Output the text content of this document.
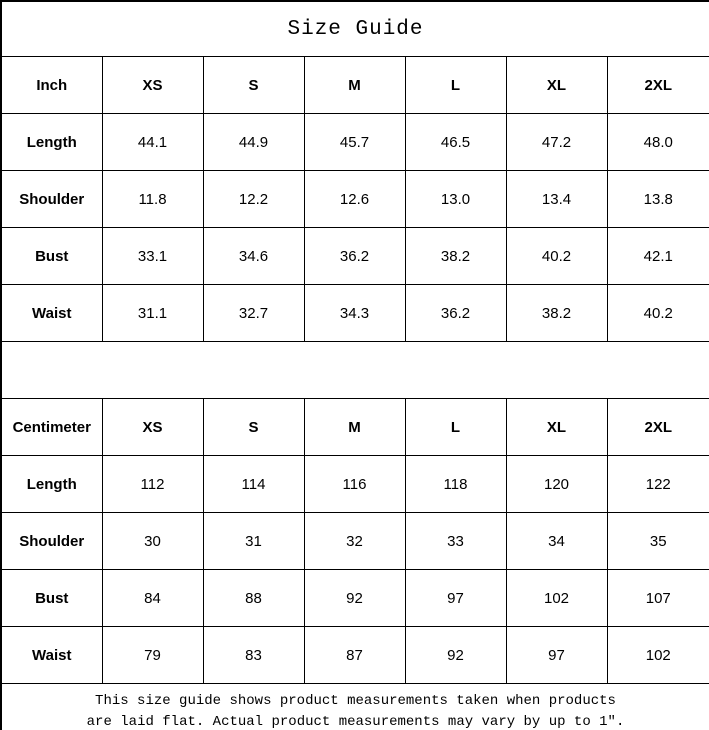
Size Guide						
Inch	XS	S	M	L	XL	2XL
Length	44.1	44.9	45.7	46.5	47.2	48.0
Shoulder	11.8	12.2	12.6	13.0	13.4	13.8
Bust	33.1	34.6	36.2	38.2	40.2	42.1
Waist	31.1	32.7	34.3	36.2	38.2	40.2

Centimeter	XS	S	M	L	XL	2XL
Length	112	114	116	118	120	122
Shoulder	30	31	32	33	34	35
Bust	84	88	92	97	102	107
Waist	79	83	87	92	97	102

This size guide shows product measurements taken when products
are laid flat. Actual product measurements may vary by up to 1″.						
